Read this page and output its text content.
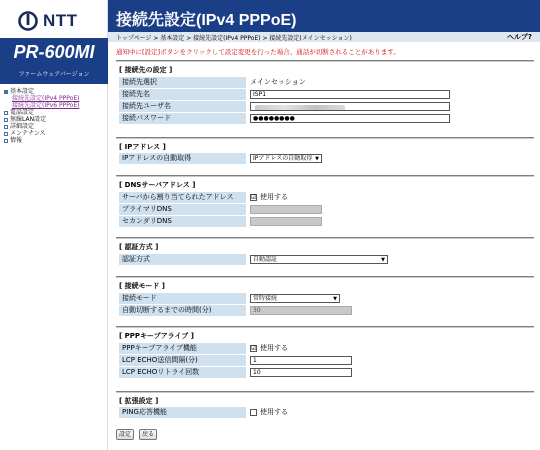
NTT
PR-600MI
ファームウェアバージョン
基本設定
接続先設定(IPv4 PPPoE)
接続先設定(IPv6 PPPoE)
電話設定
無線LAN設定
詳細設定
メンテナンス
情報
接続先設定(IPv4 PPPoE)
トップページ > 基本設定 > 接続先設定(IPv4 PPPoE) > 接続先設定(メインセッション)	ヘルプ?
通知中に[設定]ボタンをクリックして設定変更を行った場合、通話が切断されることがあります。
[ 接続先の設定 ]
接続先選択	メインセッション
接続先名	ISP1
接続先ユーザ名
接続パスワード	●●●●●●●●
[ IPアドレス ]
IPアドレスの自動取得	IPアドレスの自動取得 ▼
[ DNSサーバアドレス ]
サーバから割り当てられたアドレス	☑ 使用する
プライマリDNS
セカンダリDNS
[ 認証方式 ]
認証方式	自動認証	▼
[ 接続モード ]
接続モード	常時接続	▼
自動切断するまでの時間(分)	30
[ PPPキープアライブ ]
PPPキープアライブ機能	☑ 使用する
LCP ECHO送信間隔(分)	1
LCP ECHOリトライ回数	10
[ 拡張設定 ]
PING応答機能	使用する
設定	戻る
